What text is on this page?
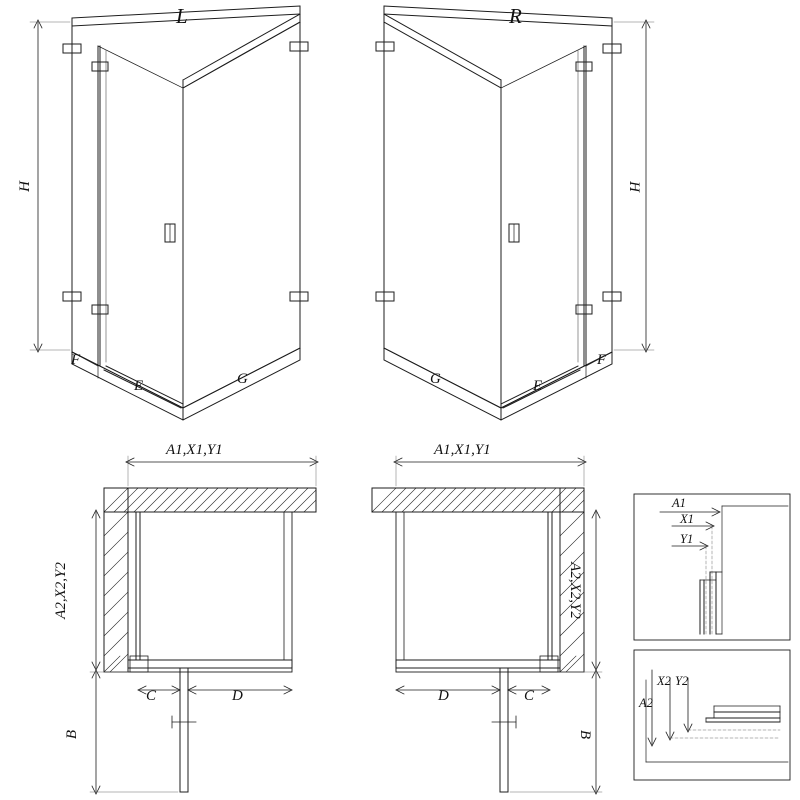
L	R
H	H
F
E	G	G	E
F
A1,X1,Y1	A1,X1,Y1
A2,X2,Y2	A2,X2,Y2
C	D	D	C
B	B
A1
X1
Y1
A2
X2 Y2
